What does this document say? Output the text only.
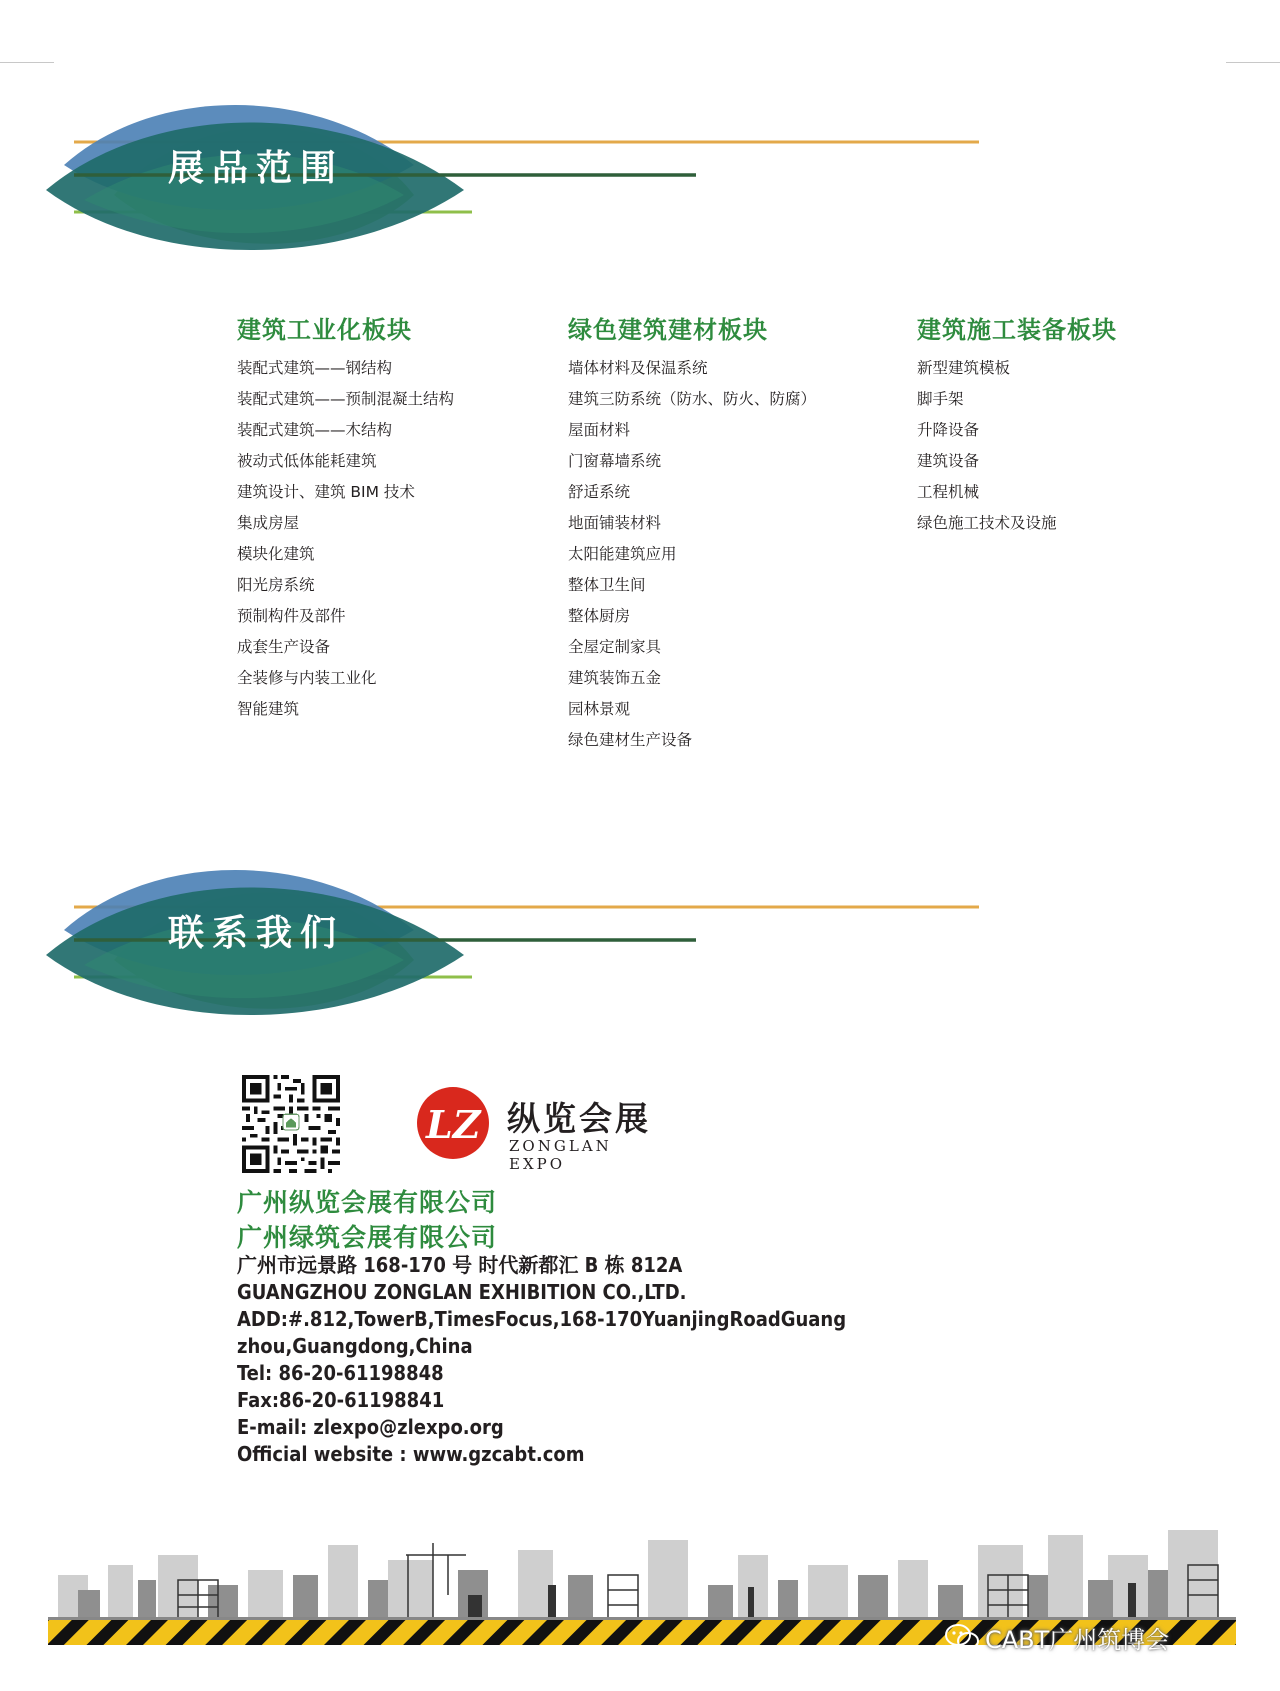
展品范围
建筑工业化板块
装配式建筑——钢结构
装配式建筑——预制混凝土结构
装配式建筑——木结构
被动式低体能耗建筑
建筑设计、建筑 BIM 技术
集成房屋
模块化建筑
阳光房系统
预制构件及部件
成套生产设备
全装修与内装工业化
智能建筑
绿色建筑建材板块
墙体材料及保温系统
建筑三防系统（防水、防火、防腐）
屋面材料
门窗幕墙系统
舒适系统
地面铺装材料
太阳能建筑应用
整体卫生间
整体厨房
全屋定制家具
建筑装饰五金
园林景观
绿色建材生产设备
建筑施工装备板块
新型建筑模板
脚手架
升降设备
建筑设备
工程机械
绿色施工技术及设施
联系我们
LZ 纵览会展
ZONGLAN EXPO
广州纵览会展有限公司
广州绿筑会展有限公司
广州市远景路 168-170 号 时代新都汇 B 栋 812A
GUANGZHOU ZONGLAN EXHIBITION CO.,LTD.
ADD:#.812,TowerB,TimesFocus,168-170YuanjingRoadGuang
zhou,Guangdong,China
Tel: 86-20-61198848
Fax:86-20-61198841
E-mail: zlexpo@zlexpo.org
Official website : www.gzcabt.com
CABT广州筑博会
